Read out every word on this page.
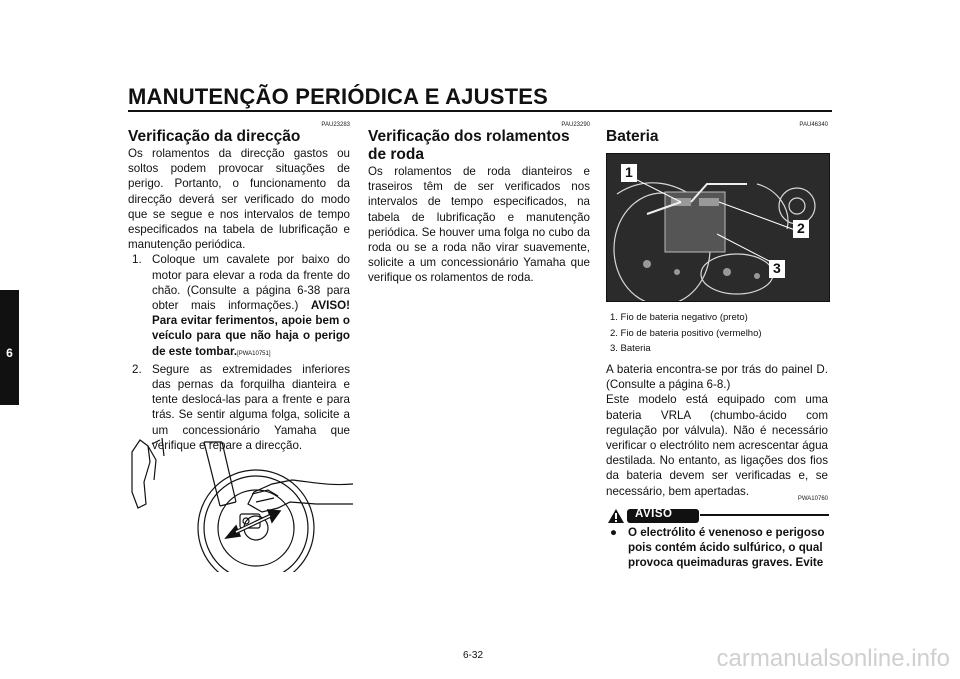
MANUTENÇÃO PERIÓDICA E AJUSTES
6
PAU23283
Verificação da direcção

Os rolamentos da direcção gastos ou soltos podem provocar situações de perigo. Portanto, o funcionamento da direcção deverá ser verificado do modo que se segue e nos intervalos de tempo especificados na tabela de lubrificação e manutenção periódica.

1. Coloque um cavalete por baixo do motor para elevar a roda da frente do chão. (Consulte a página 6-38 para obter mais informações.) AVISO! Para evitar ferimentos, apoie bem o veículo para que não haja o perigo de este tombar.[PWA10751]
2. Segure as extremidades inferiores das pernas da forquilha dianteira e tente deslocá-las para a frente e para trás. Se sentir alguma folga, solicite a um concessionário Yamaha que verifique e repare a direcção.
PAU23290
Verificação dos rolamentos de roda

Os rolamentos de roda dianteiros e traseiros têm de ser verificados nos intervalos de tempo especificados, na tabela de lubrificação e manutenção periódica. Se houver uma folga no cubo da roda ou se a roda não virar suavemente, solicite a um concessionário Yamaha que verifique os rolamentos de roda.

6-32
PAU46340
Bateria
1
2
3
1. Fio de bateria negativo (preto)
2. Fio de bateria positivo (vermelho)
3. Bateria

A bateria encontra-se por trás do painel D. (Consulte a página 6-8.)

Este modelo está equipado com uma bateria VRLA (chumbo-ácido com regulação por válvula). Não é necessário verificar o electrólito nem acrescentar água destilada. No entanto, as ligações dos fios da bateria devem ser verificadas e, se necessário, bem apertadas.

PWA10760
AVISO
● O electrólito é venenoso e perigoso pois contém ácido sulfúrico, o qual provoca queimaduras graves. Evite
carmanualsonline.info
